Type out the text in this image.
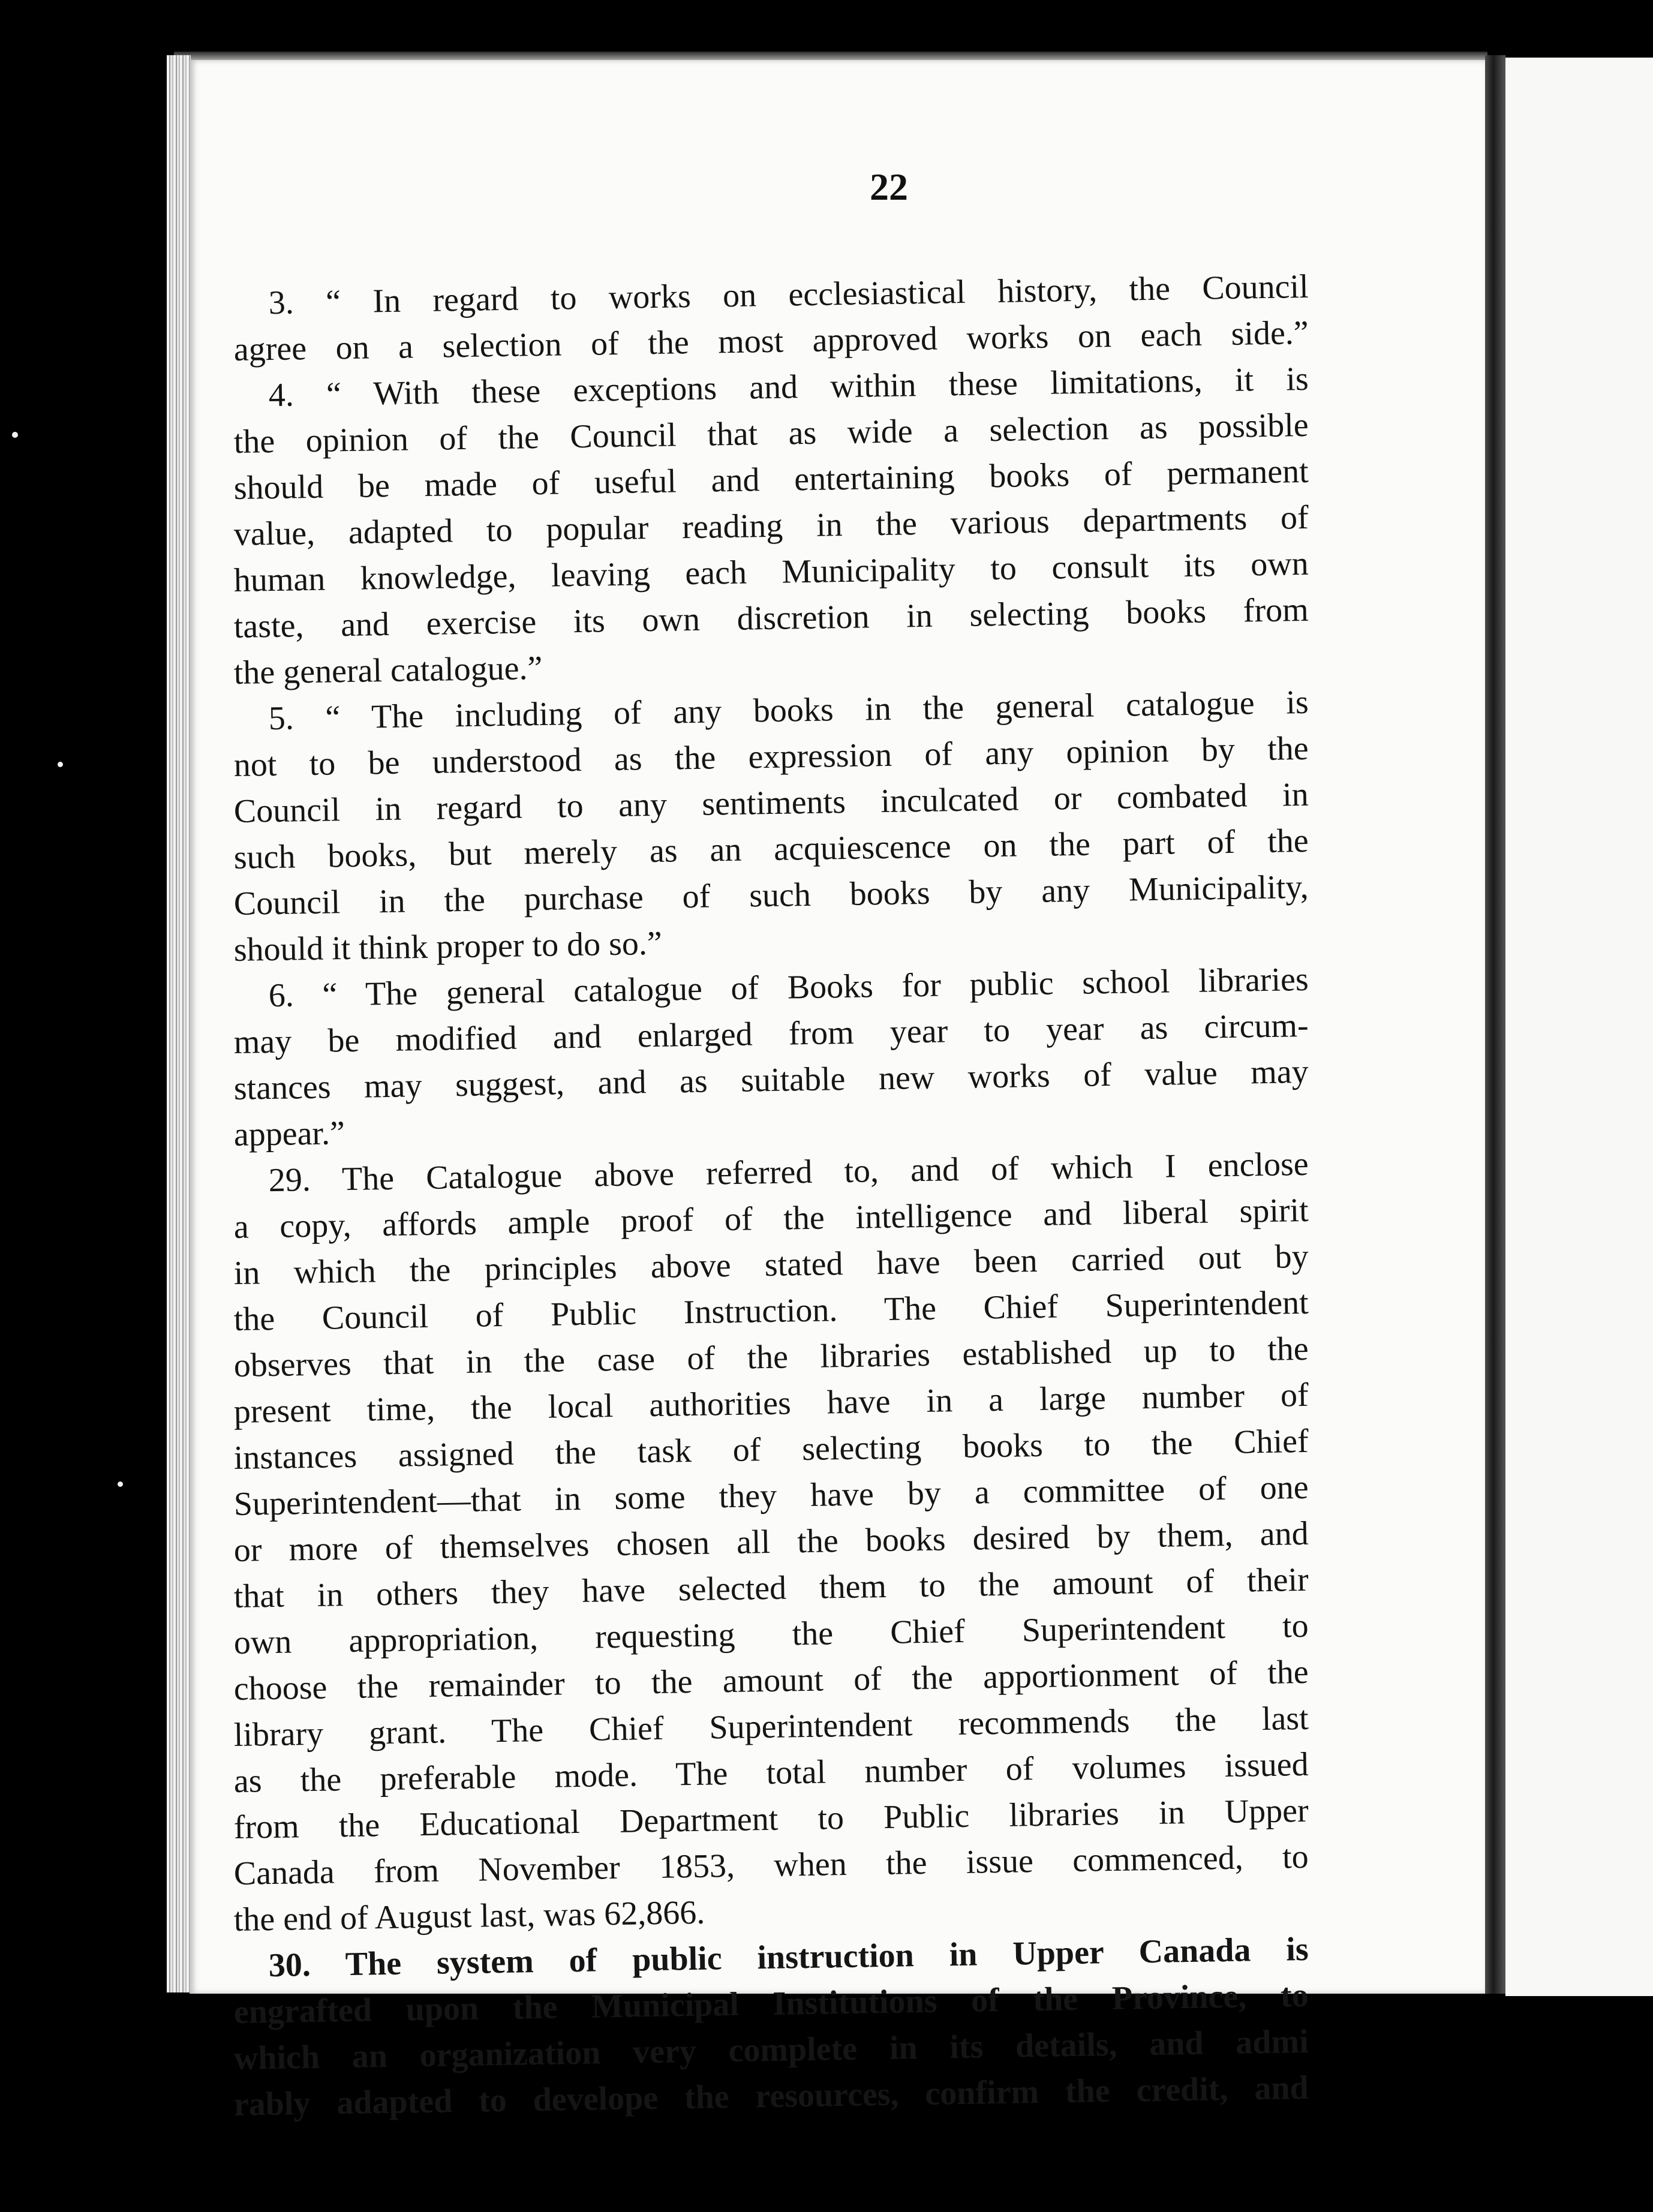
22
3. “ In regard to works on ecclesiastical history, the Council
agree on a selection of the most approved works on each side.”
4. “ With these exceptions and within these limitations, it is
the opinion of the Council that as wide a selection as possible
should be made of useful and entertaining books of permanent
value, adapted to popular reading in the various departments of
human knowledge, leaving each Municipality to consult its own
taste, and exercise its own discretion in selecting books from
the general catalogue.”
5. “ The including of any books in the general catalogue is
not to be understood as the expression of any opinion by the
Council in regard to any sentiments inculcated or combated in
such books, but merely as an acquiescence on the part of the
Council in the purchase of such books by any Municipality,
should it think proper to do so.”
6. “ The general catalogue of Books for public school libraries
may be modified and enlarged from year to year as circum-
stances may suggest, and as suitable new works of value may
appear.”
29. The Catalogue above referred to, and of which I enclose
a copy, affords ample proof of the intelligence and liberal spirit
in which the principles above stated have been carried out by
the Council of Public Instruction. The Chief Superintendent
observes that in the case of the libraries established up to the
present time, the local authorities have in a large number of
instances assigned the task of selecting books to the Chief
Superintendent—that in some they have by a committee of one
or more of themselves chosen all the books desired by them, and
that in others they have selected them to the amount of their
own appropriation, requesting the Chief Superintendent to
choose the remainder to the amount of the apportionment of the
library grant. The Chief Superintendent recommends the last
as the preferable mode. The total number of volumes issued
from the Educational Department to Public libraries in Upper
Canada from November 1853, when the issue commenced, to
the end of August last, was 62,866.
30. The system of public instruction in Upper Canada is
engrafted upon the Municipal Institutions of the Province, to
which an organization very complete in its details, and admi
rably adapted to develope the resources, confirm the credit, and
